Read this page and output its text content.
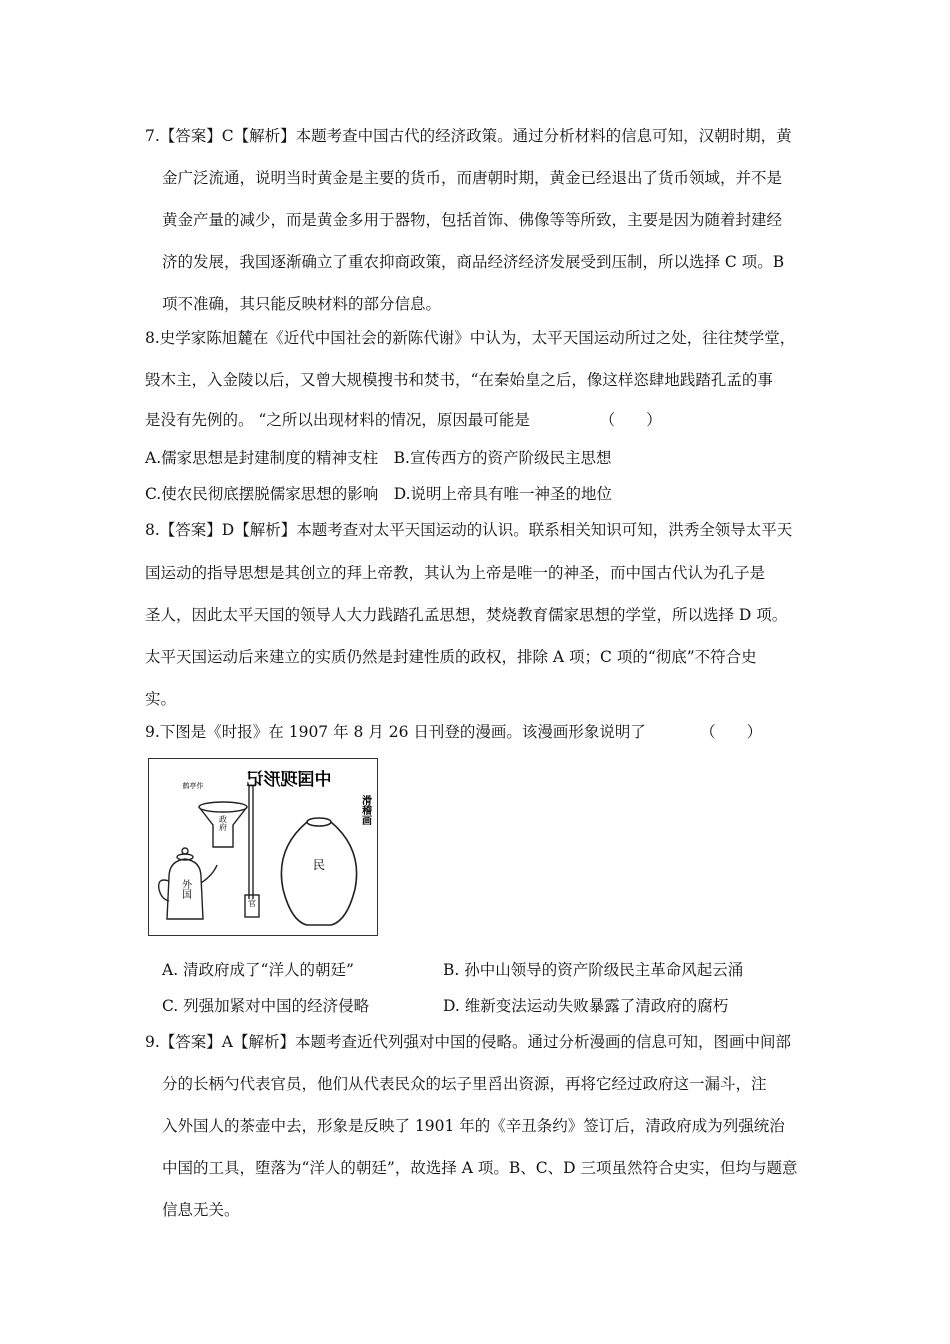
7.【答案】C【解析】本题考查中国古代的经济政策。通过分析材料的信息可知，汉朝时期，黄
金广泛流通，说明当时黄金是主要的货币，而唐朝时期，黄金已经退出了货币领域，并不是
黄金产量的减少，而是黄金多用于器物，包括首饰、佛像等等所致，主要是因为随着封建经
济的发展，我国逐渐确立了重农抑商政策，商品经济经济发展受到压制，所以选择 C 项。B
项不准确，其只能反映材料的部分信息。
8.史学家陈旭麓在《近代中国社会的新陈代谢》中认为，太平天国运动所过之处，往往焚学堂，
毁木主，入金陵以后，又曾大规模搜书和焚书，“在秦始皇之后，像这样恣肆地践踏孔孟的事
是没有先例的。 “之所以出现材料的情况，原因最可能是　　　　　（　　）
A.儒家思想是封建制度的精神支柱　B.宣传西方的资产阶级民主思想
C.使农民彻底摆脱儒家思想的影响　D.说明上帝具有唯一神圣的地位
8.【答案】D【解析】本题考查对太平天国运动的认识。联系相关知识可知，洪秀全领导太平天
国运动的指导思想是其创立的拜上帝教，其认为上帝是唯一的神圣，而中国古代认为孔子是
圣人，因此太平天国的领导人大力践踏孔孟思想，焚烧教育儒家思想的学堂，所以选择 D 项。
太平天国运动后来建立的实质仍然是封建性质的政权，排除 A 项；C 项的“彻底”不符合史
实。
9.下图是《时报》在 1907 年 8 月 26 日刊登的漫画。该漫画形象说明了　　　　（　　）
中国现形记
鹤亭作
滑稽画
外国
政府
官
民
A. 清政府成了“洋人的朝廷”	B. 孙中山领导的资产阶级民主革命风起云涌
C. 列强加紧对中国的经济侵略	D. 维新变法运动失败暴露了清政府的腐朽
9.【答案】A【解析】本题考查近代列强对中国的侵略。通过分析漫画的信息可知，图画中间部
分的长柄勺代表官员，他们从代表民众的坛子里舀出资源，再将它经过政府这一漏斗，注
入外国人的茶壶中去，形象是反映了 1901 年的《辛丑条约》签订后，清政府成为列强统治
中国的工具，堕落为“洋人的朝廷”，故选择 A 项。B、C、D 三项虽然符合史实，但均与题意
信息无关。
